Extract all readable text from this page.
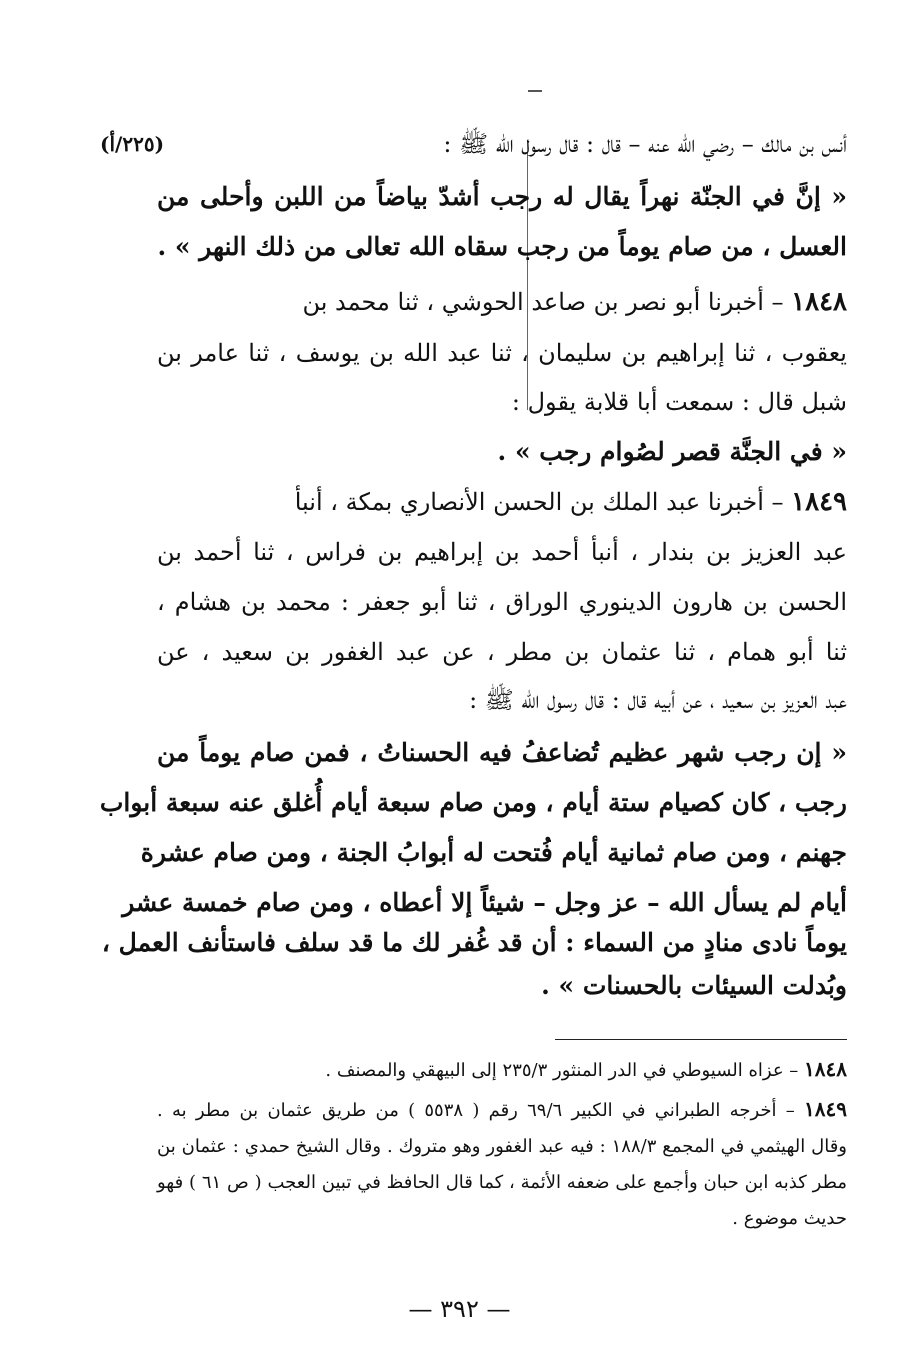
(٢٢٥/أ)	أنس بن مالك – رضي الله عنه – قال : قال رسول الله ﷺ :
« إنَّ في الجنّة نهراً يقال له رجب أشدّ بياضاً من اللبن وأحلى من
العسل ، من صام يوماً من رجب سقاه الله تعالى من ذلك النهر » .
١٨٤٨ – أخبرنا أبو نصر بن صاعد الحوشي ، ثنا محمد بن
يعقوب ، ثنا إبراهيم بن سليمان ، ثنا عبد الله بن يوسف ، ثنا عامر بن
شبل قال : سمعت أبا قلابة يقول :
« في الجنَّة قصر لصُوام رجب » .
١٨٤٩ – أخبرنا عبد الملك بن الحسن الأنصاري بمكة ، أنبأ
عبد العزيز بن بندار ، أنبأ أحمد بن إبراهيم بن فراس ، ثنا أحمد بن
الحسن بن هارون الدينوري الوراق ، ثنا أبو جعفر : محمد بن هشام ،
ثنا أبو همام ، ثنا عثمان بن مطر ، عن عبد الغفور بن سعيد ، عن
عبد العزيز بن سعيد ، عن أبيه قال : قال رسول الله ﷺ :
« إن رجب شهر عظيم تُضاعفُ فيه الحسناتُ ، فمن صام يوماً من
رجب ، كان كصيام ستة أيام ، ومن صام سبعة أيام أُغلق عنه سبعة أبواب
جهنم ، ومن صام ثمانية أيام فُتحت له أبوابُ الجنة ، ومن صام عشرة
أيام لم يسأل الله – عز وجل – شيئاً إلا أعطاه ، ومن صام خمسة عشر
يوماً نادى منادٍ من السماء : أن قد غُفر لك ما قد سلف فاستأنف العمل ،
وبُدلت السيئات بالحسنات » .
١٨٤٨ – عزاه السيوطي في الدر المنثور ٢٣٥/٣ إلى البيهقي والمصنف .
١٨٤٩ – أخرجه الطبراني في الكبير ٦٩/٦ رقم ( ٥٥٣٨ ) من طريق عثمان بن مطر به .
وقال الهيثمي في المجمع ١٨٨/٣ : فيه عبد الغفور وهو متروك . وقال الشيخ حمدي : عثمان بن
مطر كذبه ابن حبان وأجمع على ضعفه الأئمة ، كما قال الحافظ في تبين العجب ( ص ٦١ ) فهو
حديث موضوع .
— ٣٩٢ —
